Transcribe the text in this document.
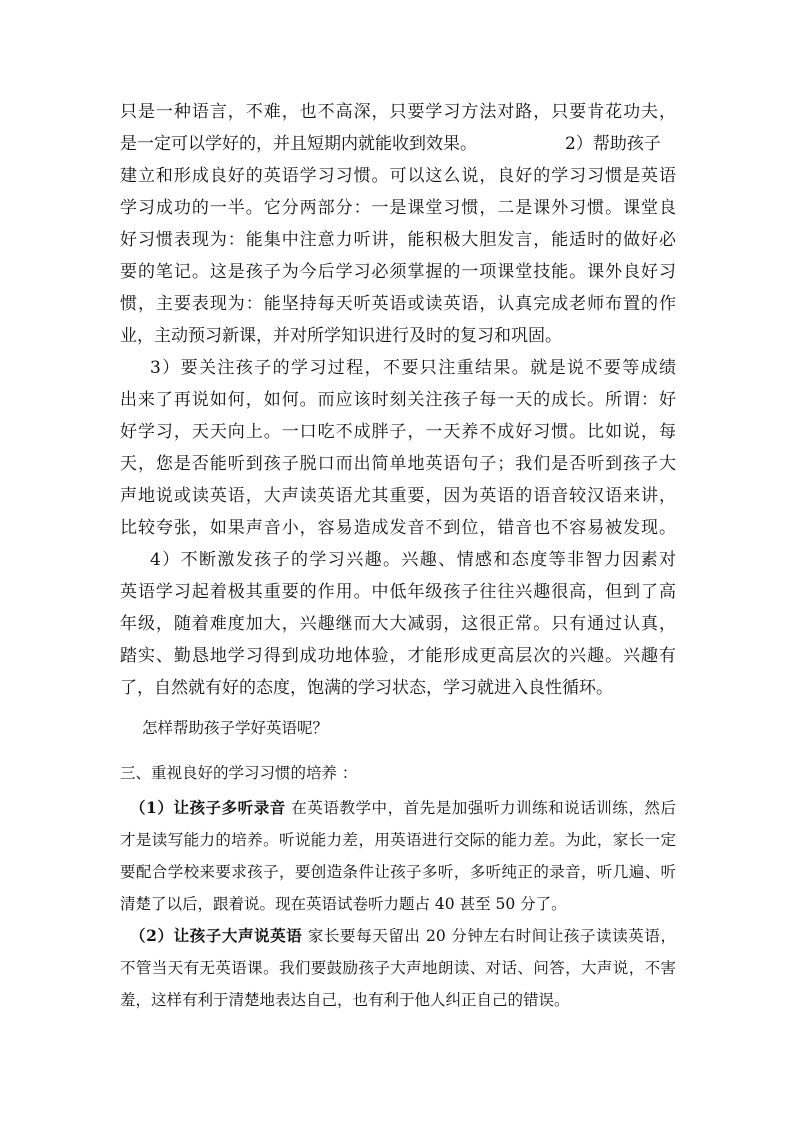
只是一种语言，不难，也不高深，只要学习方法对路，只要肯花功夫，
是一定可以学好的，并且短期内就能收到效果。	2）帮助孩子
建立和形成良好的英语学习习惯。可以这么说，良好的学习习惯是英语
学习成功的一半。它分两部分：一是课堂习惯，二是课外习惯。课堂良
好习惯表现为：能集中注意力听讲，能积极大胆发言，能适时的做好必
要的笔记。这是孩子为今后学习必须掌握的一项课堂技能。课外良好习
惯，主要表现为：能坚持每天听英语或读英语，认真完成老师布置的作
业，主动预习新课，并对所学知识进行及时的复习和巩固。
3）要关注孩子的学习过程，不要只注重结果。就是说不要等成绩
出来了再说如何，如何。而应该时刻关注孩子每一天的成长。所谓：好
好学习，天天向上。一口吃不成胖子，一天养不成好习惯。比如说，每
天，您是否能听到孩子脱口而出简单地英语句子；我们是否听到孩子大
声地说或读英语，大声读英语尤其重要，因为英语的语音较汉语来讲，
比较夸张，如果声音小，容易造成发音不到位，错音也不容易被发现。
4）不断激发孩子的学习兴趣。兴趣、情感和态度等非智力因素对
英语学习起着极其重要的作用。中低年级孩子往往兴趣很高，但到了高
年级，随着难度加大，兴趣继而大大减弱，这很正常。只有通过认真，
踏实、勤恳地学习得到成功地体验，才能形成更高层次的兴趣。兴趣有
了，自然就有好的态度，饱满的学习状态，学习就进入良性循环。
怎样帮助孩子学好英语呢？
三、重视良好的学习习惯的培养 ：
（1）让孩子多听录音 在英语教学中，首先是加强听力训练和说话训练，然后
才是读写能力的培养。听说能力差，用英语进行交际的能力差。为此，家长一定
要配合学校来要求孩子，要创造条件让孩子多听，多听纯正的录音，听几遍、听
清楚了以后，跟着说。现在英语试卷听力题占 40 甚至 50 分了。
（2）让孩子大声说英语 家长要每天留出 20 分钟左右时间让孩子读读英语，
不管当天有无英语课。我们要鼓励孩子大声地朗读、对话、问答，大声说，不害
羞，这样有利于清楚地表达自己，也有利于他人纠正自己的错误。
